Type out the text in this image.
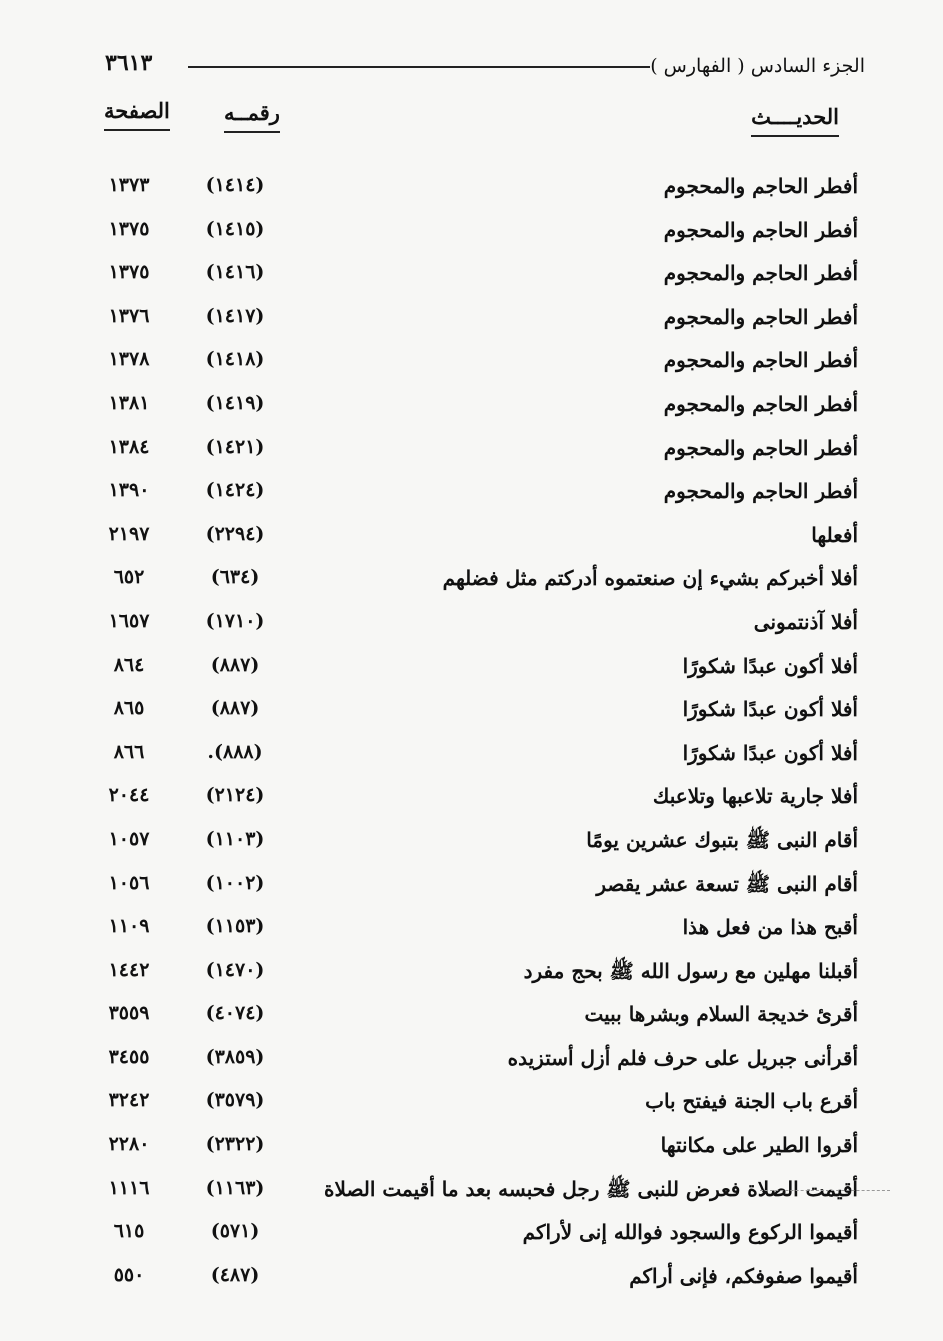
الجزء السادس ( الفهارس )
٣٦١٣
الحديــــث
رقمــه
الصفحة
أفطر الحاجم والمحجوم
(١٤١٤)
١٣٧٣
أفطر الحاجم والمحجوم
(١٤١٥)
١٣٧٥
أفطر الحاجم والمحجوم
(١٤١٦)
١٣٧٥
أفطر الحاجم والمحجوم
(١٤١٧)
١٣٧٦
أفطر الحاجم والمحجوم
(١٤١٨)
١٣٧٨
أفطر الحاجم والمحجوم
(١٤١٩)
١٣٨١
أفطر الحاجم والمحجوم
(١٤٢١)
١٣٨٤
أفطر الحاجم والمحجوم
(١٤٢٤)
١٣٩٠
أفعلها
(٢٢٩٤)
٢١٩٧
أفلا أخبركم بشيء إن صنعتموه أدركتم مثل فضلهم
(٦٣٤)
٦٥٢
أفلا آذنتمونى
(١٧١٠)
١٦٥٧
أفلا أكون عبدًا شكورًا
(٨٨٧)
٨٦٤
أفلا أكون عبدًا شكورًا
(٨٨٧)
٨٦٥
أفلا أكون عبدًا شكورًا
(٨٨٨).
٨٦٦
أفلا جارية تلاعبها وتلاعبك
(٢١٢٤)
٢٠٤٤
أقام النبى ﷺ بتبوك عشرين يومًا
(١١٠٣)
١٠٥٧
أقام النبى ﷺ تسعة عشر يقصر
(١٠٠٢)
١٠٥٦
أقبح هذا من فعل هذا
(١١٥٣)
١١٠٩
أقبلنا مهلين مع رسول الله ﷺ بحج مفرد
(١٤٧٠)
١٤٤٢
أقرئ خديجة السلام وبشرها ببيت
(٤٠٧٤)
٣٥٥٩
أقرأنى جبريل على حرف فلم أزل أستزيده
(٣٨٥٩)
٣٤٥٥
أقرع باب الجنة فيفتح باب
(٣٥٧٩)
٣٢٤٢
أقروا الطير على مكانتها
(٢٣٢٢)
٢٢٨٠
أقيمت الصلاة فعرض للنبى ﷺ رجل فحبسه بعد ما أقيمت الصلاة
(١١٦٣)
١١١٦
أقيموا الركوع والسجود فوالله إنى لأراكم
(٥٧١)
٦١٥
أقيموا صفوفكم، فإنى أراكم
(٤٨٧)
٥٥٠
